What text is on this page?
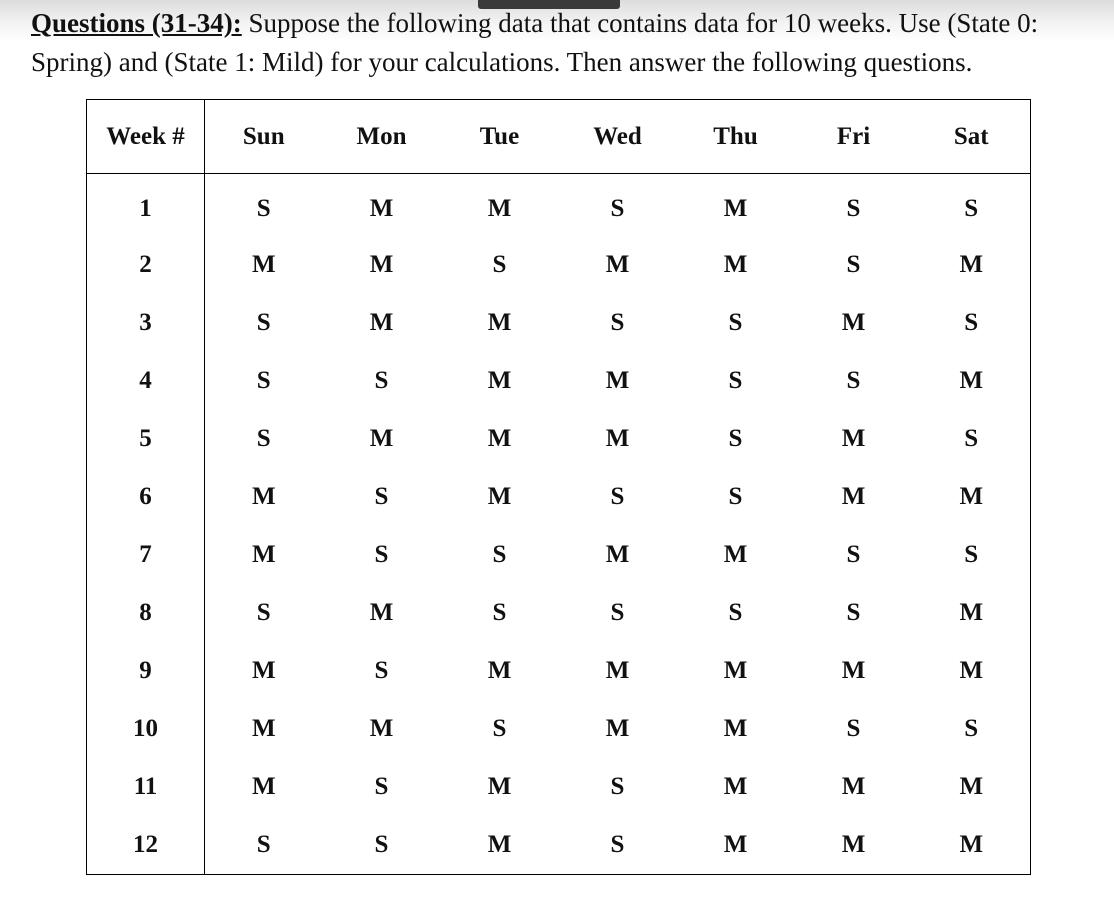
Questions (31-34): Suppose the following data that contains data for 10 weeks. Use (State 0: Spring) and (State 1: Mild) for your calculations. Then answer the following questions.

Week #	Sun	Mon	Tue	Wed	Thu	Fri	Sat
1	S	M	M	S	M	S	S
2	M	M	S	M	M	S	M
3	S	M	M	S	S	M	S
4	S	S	M	M	S	S	M
5	S	M	M	M	S	M	S
6	M	S	M	S	S	M	M
7	M	S	S	M	M	S	S
8	S	M	S	S	S	S	M
9	M	S	M	M	M	M	M
10	M	M	S	M	M	S	S
11	M	S	M	S	M	M	M
12	S	S	M	S	M	M	M
